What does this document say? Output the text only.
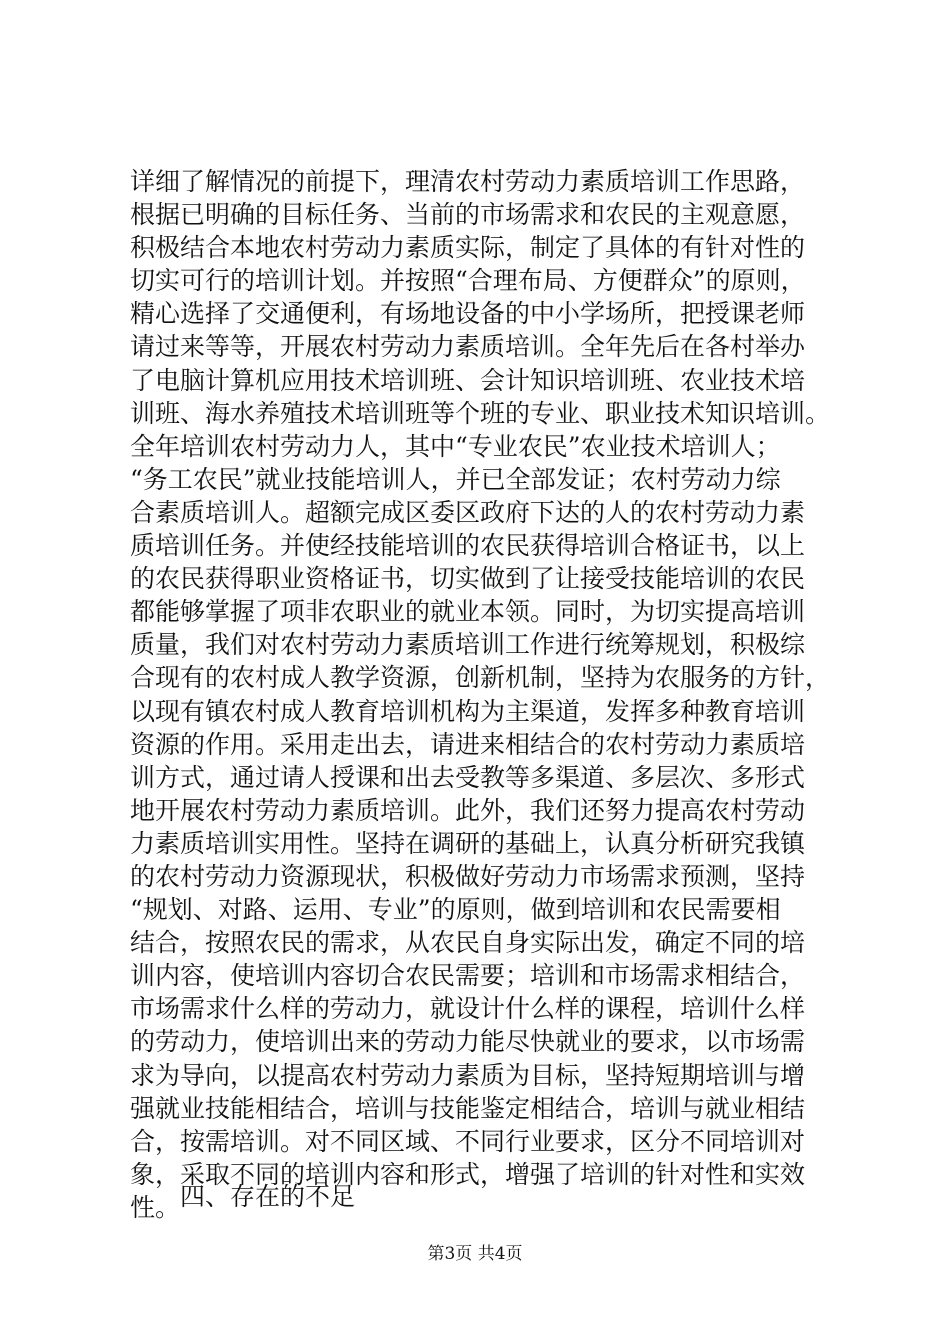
详细了解情况的前提下，理清农村劳动力素质培训工作思路，
根据已明确的目标任务、当前的市场需求和农民的主观意愿，
积极结合本地农村劳动力素质实际，制定了具体的有针对性的
切实可行的培训计划。并按照“合理布局、方便群众”的原则，
精心选择了交通便利，有场地设备的中小学场所，把授课老师
请过来等等，开展农村劳动力素质培训。全年先后在各村举办
了电脑计算机应用技术培训班、会计知识培训班、农业技术培
训班、海水养殖技术培训班等个班的专业、职业技术知识培训。
全年培训农村劳动力人，其中“专业农民”农业技术培训人；
“务工农民”就业技能培训人，并已全部发证；农村劳动力综
合素质培训人。超额完成区委区政府下达的人的农村劳动力素
质培训任务。并使经技能培训的农民获得培训合格证书，以上
的农民获得职业资格证书，切实做到了让接受技能培训的农民
都能够掌握了项非农职业的就业本领。同时，为切实提高培训
质量，我们对农村劳动力素质培训工作进行统筹规划，积极综
合现有的农村成人教学资源，创新机制，坚持为农服务的方针，
以现有镇农村成人教育培训机构为主渠道，发挥多种教育培训
资源的作用。采用走出去，请进来相结合的农村劳动力素质培
训方式，通过请人授课和出去受教等多渠道、多层次、多形式
地开展农村劳动力素质培训。此外，我们还努力提高农村劳动
力素质培训实用性。坚持在调研的基础上，认真分析研究我镇
的农村劳动力资源现状，积极做好劳动力市场需求预测，坚持
“规划、对路、运用、专业”的原则，做到培训和农民需要相
结合，按照农民的需求，从农民自身实际出发，确定不同的培
训内容，使培训内容切合农民需要；培训和市场需求相结合，
市场需求什么样的劳动力，就设计什么样的课程，培训什么样
的劳动力，使培训出来的劳动力能尽快就业的要求，以市场需
求为导向，以提高农村劳动力素质为目标，坚持短期培训与增
强就业技能相结合，培训与技能鉴定相结合，培训与就业相结
合，按需培训。对不同区域、不同行业要求，区分不同培训对
象，采取不同的培训内容和形式，增强了培训的针对性和实效
性。 四、存在的不足
第3页 共4页
